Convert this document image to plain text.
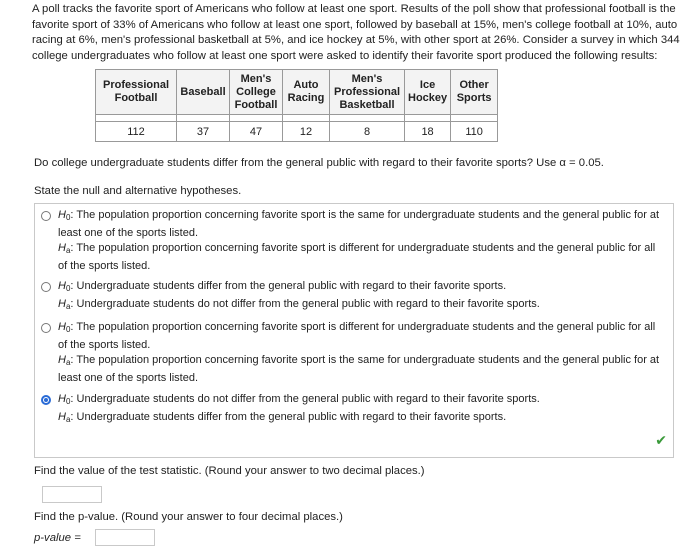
A poll tracks the favorite sport of Americans who follow at least one sport. Results of the poll show that professional football is the favorite sport of 33% of Americans who follow at least one sport, followed by baseball at 15%, men's college football at 10%, auto racing at 6%, men's professional basketball at 5%, and ice hockey at 5%, with other sport at 26%. Consider a survey in which 344 college undergraduates who follow at least one sport were asked to identify their favorite sport produced the following results:
Professional Football	Baseball	Men's College Football	Auto Racing	Men's Professional Basketball	Ice Hockey	Other Sports

112	37	47	12	8	18	110
Do college undergraduate students differ from the general public with regard to their favorite sports? Use α = 0.05.
State the null and alternative hypotheses.
$H_0$: The population proportion concerning favorite sport is the same for undergraduate students and the general public for at least one of the sports listed.
$H_a$: The population proportion concerning favorite sport is different for undergraduate students and the general public for all of the sports listed.
$H_0$: Undergraduate students differ from the general public with regard to their favorite sports.
$H_a$: Undergraduate students do not differ from the general public with regard to their favorite sports.
$H_0$: The population proportion concerning favorite sport is different for undergraduate students and the general public for all of the sports listed.
$H_a$: The population proportion concerning favorite sport is the same for undergraduate students and the general public for at least one of the sports listed.
$H_0$: Undergraduate students do not differ from the general public with regard to their favorite sports.
$H_a$: Undergraduate students differ from the general public with regard to their favorite sports.
✔
Find the value of the test statistic. (Round your answer to two decimal places.)
Find the p-value. (Round your answer to four decimal places.)
p-value =
